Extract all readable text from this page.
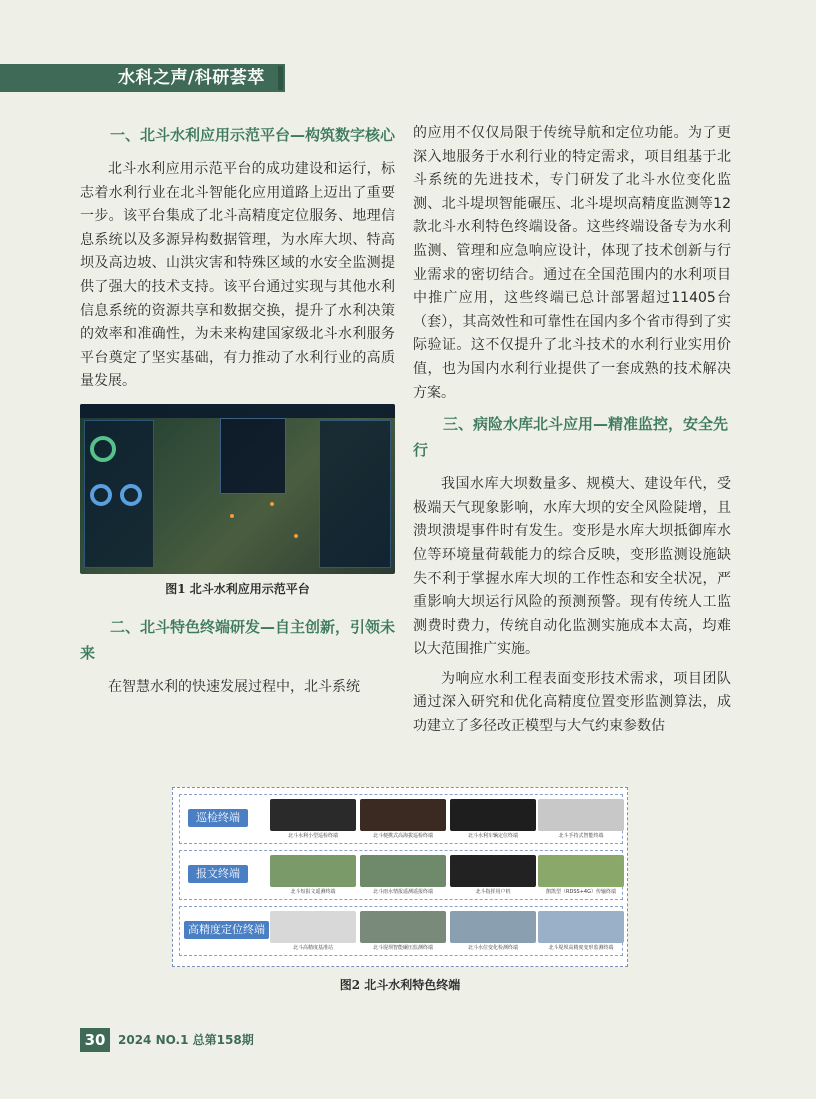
水科之声/科研荟萃
一、北斗水利应用示范平台—构筑数字核心

北斗水利应用示范平台的成功建设和运行，标志着水利行业在北斗智能化应用道路上迈出了重要一步。该平台集成了北斗高精度定位服务、地理信息系统以及多源异构数据管理，为水库大坝、特高坝及高边坡、山洪灾害和特殊区域的水安全监测提供了强大的技术支持。该平台通过实现与其他水利信息系统的资源共享和数据交换，提升了水利决策的效率和准确性，为未来构建国家级北斗水利服务平台奠定了坚实基础，有力推动了水利行业的高质量发展。

图1 北斗水利应用示范平台
二、北斗特色终端研发—自主创新，引领未来

在智慧水利的快速发展过程中，北斗系统

的应用不仅仅局限于传统导航和定位功能。为了更深入地服务于水利行业的特定需求，项目组基于北斗系统的先进技术，专门研发了北斗水位变化监测、北斗堤坝智能碾压、北斗堤坝高精度监测等12款北斗水利特色终端设备。这些终端设备专为水利监测、管理和应急响应设计，体现了技术创新与行业需求的密切结合。通过在全国范围内的水利项目中推广应用，这些终端已总计部署超过11405台（套），其高效性和可靠性在国内多个省市得到了实际验证。这不仅提升了北斗技术的水利行业实用价值，也为国内水利行业提供了一套成熟的技术解决方案。

三、病险水库北斗应用—精准监控，安全先行

我国水库大坝数量多、规模大、建设年代，受极端天气现象影响，水库大坝的安全风险陡增，且溃坝溃堤事件时有发生。变形是水库大坝抵御库水位等环境量荷载能力的综合反映，变形监测设施缺失不利于掌握水库大坝的工作性态和安全状况，严重影响大坝运行风险的预测预警。现有传统人工监测费时费力，传统自动化监测实施成本太高，均难以大范围推广实施。

为响应水利工程表面变形技术需求，项目团队通过深入研究和优化高精度位置变形监测算法，成功建立了多径改正模型与大气约束参数估

巡检终端
北斗水利小型巡检终端	北斗便携式高海拔巡检终端	北斗水利车辆定位终端	北斗手持式智能终端
报文终端
北斗短报文遥测终端	北斗雨水情报遥测遥报终端	北斗指挥用户机	鹊凯型（RDSS+4G）传输终端
高精度定位终端
北斗高精度基准站	北斗堤坝智能碾压监测终端	北斗水位变化检测终端	北斗堤坝高精度变形监测终端
图2 北斗水利特色终端
30	2024 NO.1 总第158期
